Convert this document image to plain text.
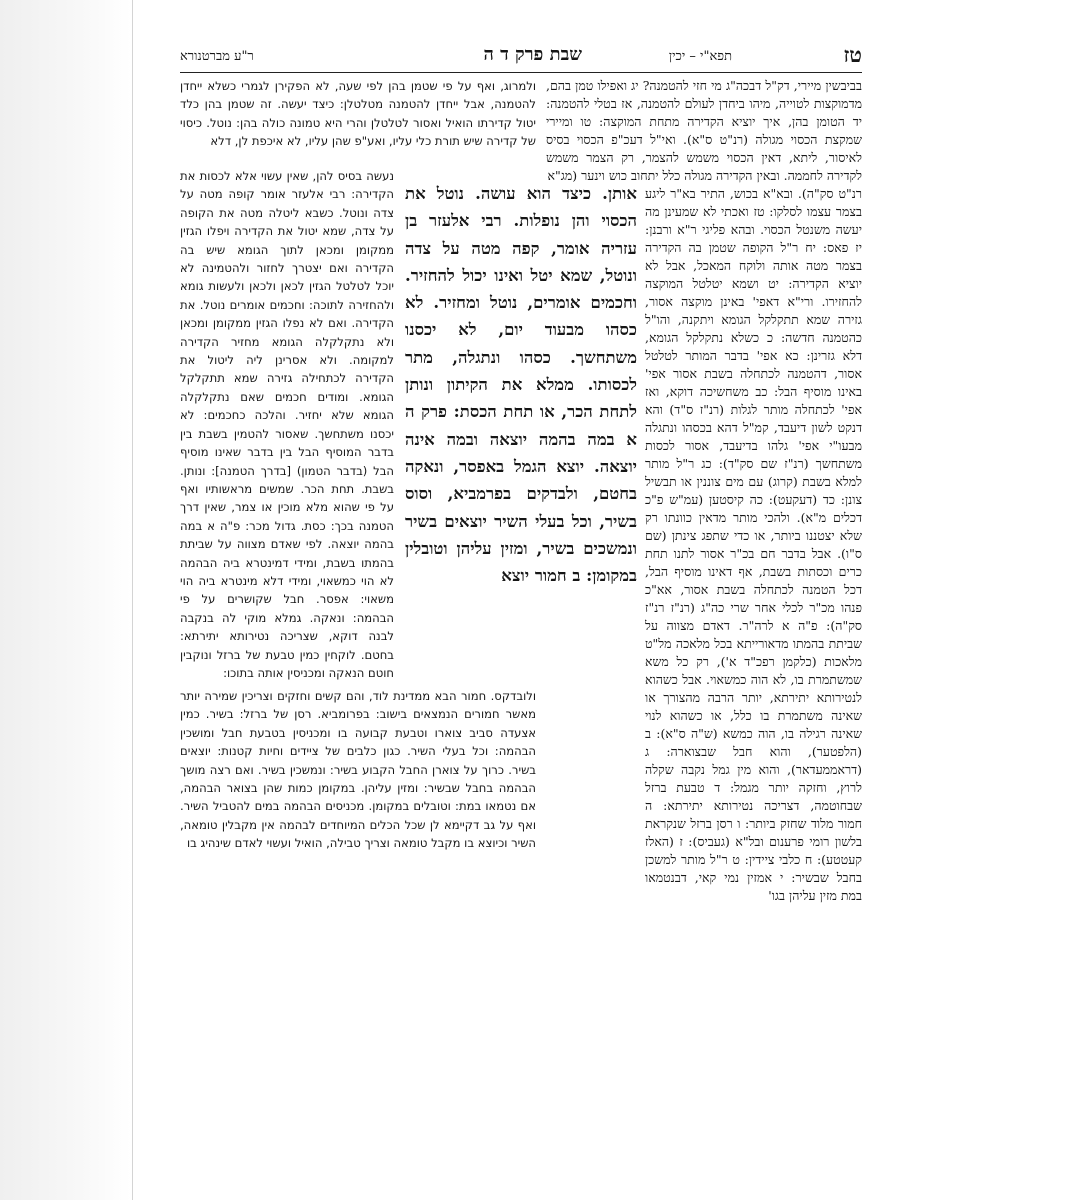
טז
תפא"י – יכין
שבת פרק ד ה
ר"ע מברטנורא

בביבשין מיירי, דק"ל דבכה"ג מי חזי להטמנה? יג ואפילו טמן בהם, מדמוקצות לטוייה, מיהו ביחדן לעולם להטמנה, אז בטלי להטמנה: יד הטומן בהן, איך יוציא הקדירה מתחת המוקצה: טו ומיירי שמקצת הכסוי מגולה (רנ"ט ס"א). ואי"ל דעכ"פ הכסוי בסיס לאיסור, ליתא, דאין הכסוי משמש להצמר, רק הצמר משמש לקדירה לחממה. ובאין הקדירה מגולה כלל יתחוב כוש וינער (מג"א

רנ"ט סק"ה). ובא"א בכוש, התיר בא"ר ליגע בצמר עצמו לסלקו: טז ואכתי לא שמעינן מה יעשה משנטל הכסוי. ובהא פליגי ר"א ורבנן: יז פאס: יח ר"ל הקופה שטמן בה הקדירה בצמר מטה אותה ולוקח המאכל, אבל לא יוציא הקדירה: יט ושמא יטלטל המוקצה להחזירו. ורי"א דאפי' באינן מוקצה אסור, גזירה שמא תתקלקל הגומא ויתקנה, והו"ל כהטמנה חדשה: כ כשלא נתקלקל הגומא, דלא גזרינן: כא אפי' בדבר המותר לטלטל אסור, דהטמנה לכתחלה בשבת אסור אפי' באינו מוסיף הבל: כב משחשיכה דוקא, ואז אפי' לכתחלה מותר לגלות (רנ"ז ס"ד) והא דנקט לשון דיעבד, קמ"ל דהא בכסהו ונתגלה מבעו"י אפי' גלהו בדיעבד, אסור לכסות משתחשך (רנ"ז שם סק"ד): כג ר"ל מותר למלא בשבת (קרוג) עם מים צוננין או תבשיל צונן: כד (דעקעט): כה קיסטען (עמ"ש פ"כ דכלים מ"א). ולהכי מותר מדאין כוונתו רק שלא יצטננו ביותר, או כדי שתפג צינתן (שם ס"ו). אבל בדבר חם בכ"ר אסור לתנו תחת כרים וכסתות בשבת, אף דאינו מוסיף הבל, דכל הטמנה לכתחלה בשבת אסור, אא"כ פנהו מכ"ר לכלי אחר שרי כה"ג (רנ"ז רנ"ז סק"ה): פ"ה א לרה"ר. דאדם מצווה על שביתת בהמתו מדאורייתא בכל מלאכה מל"ט מלאכות (כלקמן רפכ"ד א'), רק כל משא שמשתמרת בו, לא הוה כמשאוי. אבל כשהוא לנטירותא יתירתא, יותר הרבה מהצורך או שאינה משתמרת בו כלל, או כשהוא לנוי שאינה רגילה בו, הוה כמשא (ש"ה ס"א): ב (הלפטער), והוא חבל שבצוארה: ג (דראממעדאר), והוא מין גמל נקבה שקלה לרוץ, וחזקה יותר מגמל: ד טבעת ברזל שבחוטמה, דצריכה נטירותא יתירתא: ה חמור מלוד שחזק ביותר: ו רסן ברזל שנקראת בלשון רומי פרענום ובל"א (געביס): ז (האלז קעטטע): ח כלבי ציידין: ט ר"ל מותר למשכן בחבל שבשיר: י אמזין נמי קאי, דבנטמאו במת מזין עליהן בגו'

אותן. כיצד הוא עושה. נוטל את הכסוי והן נופלות. רבי אלעזר בן עזריה אומר, קפה מטה על צדה ונוטל, שמא יטל ואינו יכול להחזיר. וחכמים אומרים, נוטל ומחזיר. לא כסהו מבעוד יום, לא יכסנו משתחשך. כסהו ונתגלה, מתר לכסותו. ממלא את הקיתון ונותן לתחת הכר, או תחת הכסת: פרק ה א במה בהמה יוצאה ובמה אינה יוצאה. יוצא הגמל באפסר, ונאקה בחטם, ולבדקים בפרמביא, וסוס בשיר, וכל בעלי השיר יוצאים בשיר ונמשכים בשיר, ומזין עליהן וטובלין במקומן: ב חמור יוצא

ולמרוג, ואף על פי שטמן בהן לפי שעה, לא הפקירן לגמרי כשלא ייחדן להטמנה, אבל ייחדן להטמנה מטלטלן: כיצד יעשה. זה שטמן בהן כלד יטול קדירתו הואיל ואסור לטלטלן והרי היא טמונה כולה בהן: נוטל. כיסוי של קדירה שיש תורת כלי עליו, ואע"פ שהן עליו, לא איכפת לן, דלא

נעשה בסיס להן, שאין עשוי אלא לכסות את הקדירה: רבי אלעזר אומר קופה מטה על צדה ונוטל. כשבא ליטלה מטה את הקופה על צדה, שמא יטול את הקדירה ויפלו הגזין ממקומן ומכאן לתוך הגומא שיש בה הקדירה ואם יצטרך לחזור ולהטמינה לא יוכל לטלטל הגזין לכאן ולכאן ולעשות גומא ולהחזירה לתוכה: וחכמים אומרים נוטל. את הקדירה. ואם לא נפלו הגזין ממקומן ומכאן ולא נתקלקלה הגומא מחזיר הקדירה למקומה. ולא אסרינן ליה ליטול את הקדירה לכתחילה גזירה שמא תתקלקל הגומא. ומודים חכמים שאם נתקלקלה הגומא שלא יחזיר. והלכה כחכמים: לא יכסנו משתחשך. שאסור להטמין בשבת בין בדבר המוסיף הבל בין בדבר שאינו מוסיף הבל (בדבר הטמון) [בדרך הטמנה]: ונותן. בשבת. תחת הכר. שמשים מראשותיו ואף על פי שהוא מלא מוכין או צמר, שאין דרך הטמנה בכך: כסת. גדול מכר: פ"ה א במה בהמה יוצאה. לפי שאדם מצווה על שביתת בהמתו בשבת, ומידי דמינטרא ביה הבהמה לא הוי כמשאוי, ומידי דלא מינטרא ביה הוי משאוי: אפסר. חבל שקושרים על פי הבהמה: ונאקה. גמלא מוקי לה בנקבה לבנה דוקא, שצריכה נטירותא יתירתא: בחטם. לוקחין כמין טבעת של ברזל ונוקבין חוטם הנאקה ומכניסין אותה בתוכו:

ולובדקס. חמור הבא ממדינת לוד, והם קשים וחזקים וצריכין שמירה יותר מאשר חמורים הנמצאים בישוב: בפרומביא. רסן של ברזל: בשיר. כמין אצעדה סביב צוארו וטבעת קבועה בו ומכניסין בטבעת חבל ומושכין הבהמה: וכל בעלי השיר. כגון כלבים של ציידים וחיות קטנות: יוצאים בשיר. כרוך על צוארן החבל הקבוע בשיר: ונמשכין בשיר. ואם רצה מושך הבהמה בחבל שבשיר: ומזין עליהן. במקומן כמות שהן בצואר הבהמה, אם נטמאו במת: וטובלים במקומן. מכניסים הבהמה במים להטביל השיר. ואף על גב דקיימא לן שכל הכלים המיוחדים לבהמה אין מקבלין טומאה, השיר וכיוצא בו מקבל טומאה וצריך טבילה, הואיל ועשוי לאדם שינהיג בו
